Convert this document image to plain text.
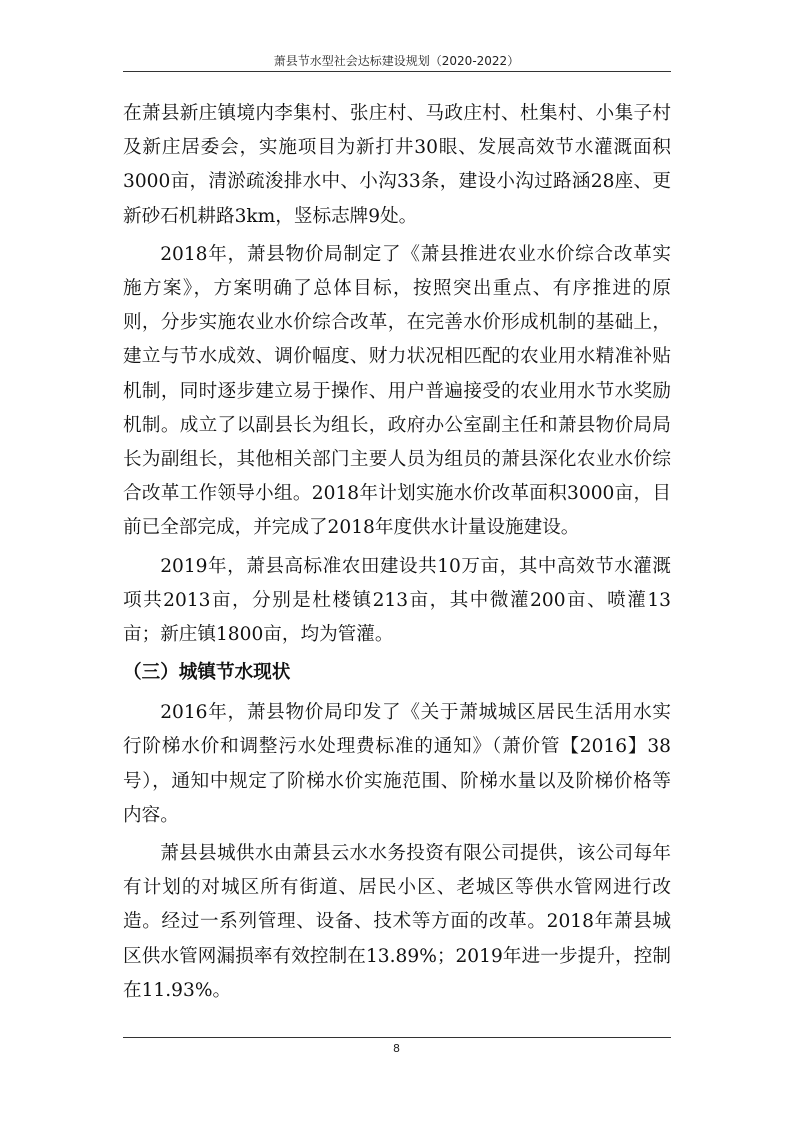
萧县节水型社会达标建设规划（2020-2022）

在萧县新庄镇境内李集村、张庄村、马政庄村、杜集村、小集子村及新庄居委会，实施项目为新打井30眼、发展高效节水灌溉面积3000亩，清淤疏浚排水中、小沟33条，建设小沟过路涵28座、更新砂石机耕路3km，竖标志牌9处。

2018年，萧县物价局制定了《萧县推进农业水价综合改革实施方案》，方案明确了总体目标，按照突出重点、有序推进的原则，分步实施农业水价综合改革，在完善水价形成机制的基础上，建立与节水成效、调价幅度、财力状况相匹配的农业用水精准补贴机制，同时逐步建立易于操作、用户普遍接受的农业用水节水奖励机制。成立了以副县长为组长，政府办公室副主任和萧县物价局局长为副组长，其他相关部门主要人员为组员的萧县深化农业水价综合改革工作领导小组。2018年计划实施水价改革面积3000亩，目前已全部完成，并完成了2018年度供水计量设施建设。

2019年，萧县高标准农田建设共10万亩，其中高效节水灌溉项共2013亩，分别是杜楼镇213亩，其中微灌200亩、喷灌13亩；新庄镇1800亩，均为管灌。

（三）城镇节水现状

2016年，萧县物价局印发了《关于萧城城区居民生活用水实行阶梯水价和调整污水处理费标准的通知》（萧价管【2016】38号），通知中规定了阶梯水价实施范围、阶梯水量以及阶梯价格等内容。

萧县县城供水由萧县云水水务投资有限公司提供，该公司每年有计划的对城区所有街道、居民小区、老城区等供水管网进行改造。经过一系列管理、设备、技术等方面的改革。2018年萧县城区供水管网漏损率有效控制在13.89%；2019年进一步提升，控制在11.93%。

8
